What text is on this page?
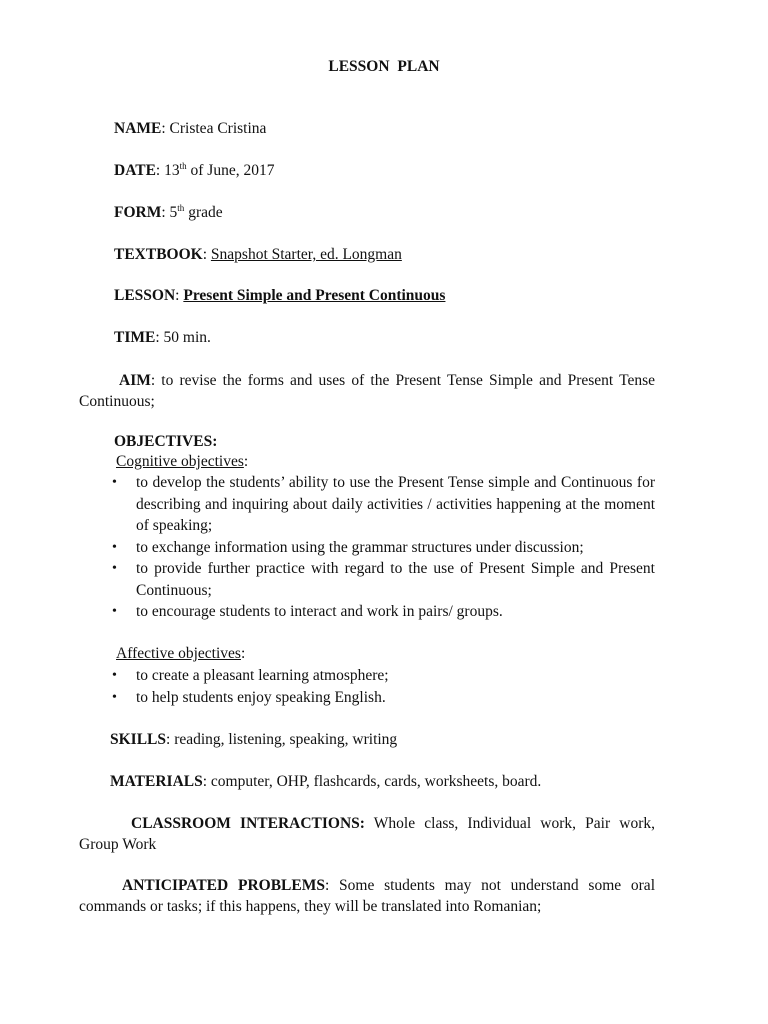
LESSON PLAN
NAME: Cristea Cristina
DATE: 13th of June, 2017
FORM: 5th grade
TEXTBOOK: Snapshot Starter, ed. Longman
LESSON: Present Simple and Present Continuous
TIME: 50 min.
AIM: to revise the forms and uses of the Present Tense Simple and Present Tense Continuous;
OBJECTIVES:
Cognitive objectives:
• to develop the students’ ability to use the Present Tense simple and Continuous for describing and inquiring about daily activities / activities happening at the moment of speaking;
• to exchange information using the grammar structures under discussion;
• to provide further practice with regard to the use of Present Simple and Present Continuous;
• to encourage students to interact and work in pairs/ groups.
Affective objectives:
• to create a pleasant learning atmosphere;
• to help students enjoy speaking English.
SKILLS: reading, listening, speaking, writing
MATERIALS: computer, OHP, flashcards, cards, worksheets, board.
CLASSROOM INTERACTIONS: Whole class, Individual work, Pair work, Group Work
ANTICIPATED PROBLEMS: Some students may not understand some oral commands or tasks; if this happens, they will be translated into Romanian;
